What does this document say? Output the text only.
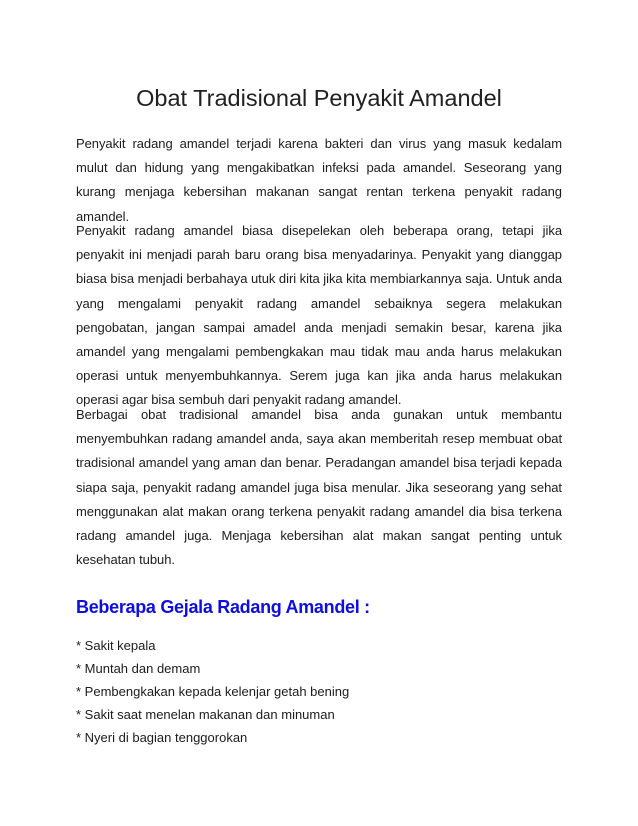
Obat Tradisional Penyakit Amandel

Penyakit radang amandel terjadi karena bakteri dan virus yang masuk kedalam mulut dan hidung yang mengakibatkan infeksi pada amandel. Seseorang yang kurang menjaga kebersihan makanan sangat rentan terkena penyakit radang amandel.

Penyakit radang amandel biasa disepelekan oleh beberapa orang, tetapi jika penyakit ini menjadi parah baru orang bisa menyadarinya. Penyakit yang dianggap biasa bisa menjadi berbahaya utuk diri kita jika kita membiarkannya saja. Untuk anda yang mengalami penyakit radang amandel sebaiknya segera melakukan pengobatan, jangan sampai amadel anda menjadi semakin besar, karena jika amandel yang mengalami pembengkakan mau tidak mau anda harus melakukan operasi untuk menyembuhkannya. Serem juga kan jika anda harus melakukan operasi agar bisa sembuh dari penyakit radang amandel.

Berbagai obat tradisional amandel bisa anda gunakan untuk membantu menyembuhkan radang amandel anda, saya akan memberitah resep membuat obat tradisional amandel yang aman dan benar. Peradangan amandel bisa terjadi kepada siapa saja, penyakit radang amandel juga bisa menular. Jika seseorang yang sehat menggunakan alat makan orang terkena penyakit radang amandel dia bisa terkena radang amandel juga. Menjaga kebersihan alat makan sangat penting untuk kesehatan tubuh.

Beberapa Gejala Radang Amandel :
* Sakit kepala
* Muntah dan demam
* Pembengkakan kepada kelenjar getah bening
* Sakit saat menelan makanan dan minuman
* Nyeri di bagian tenggorokan
